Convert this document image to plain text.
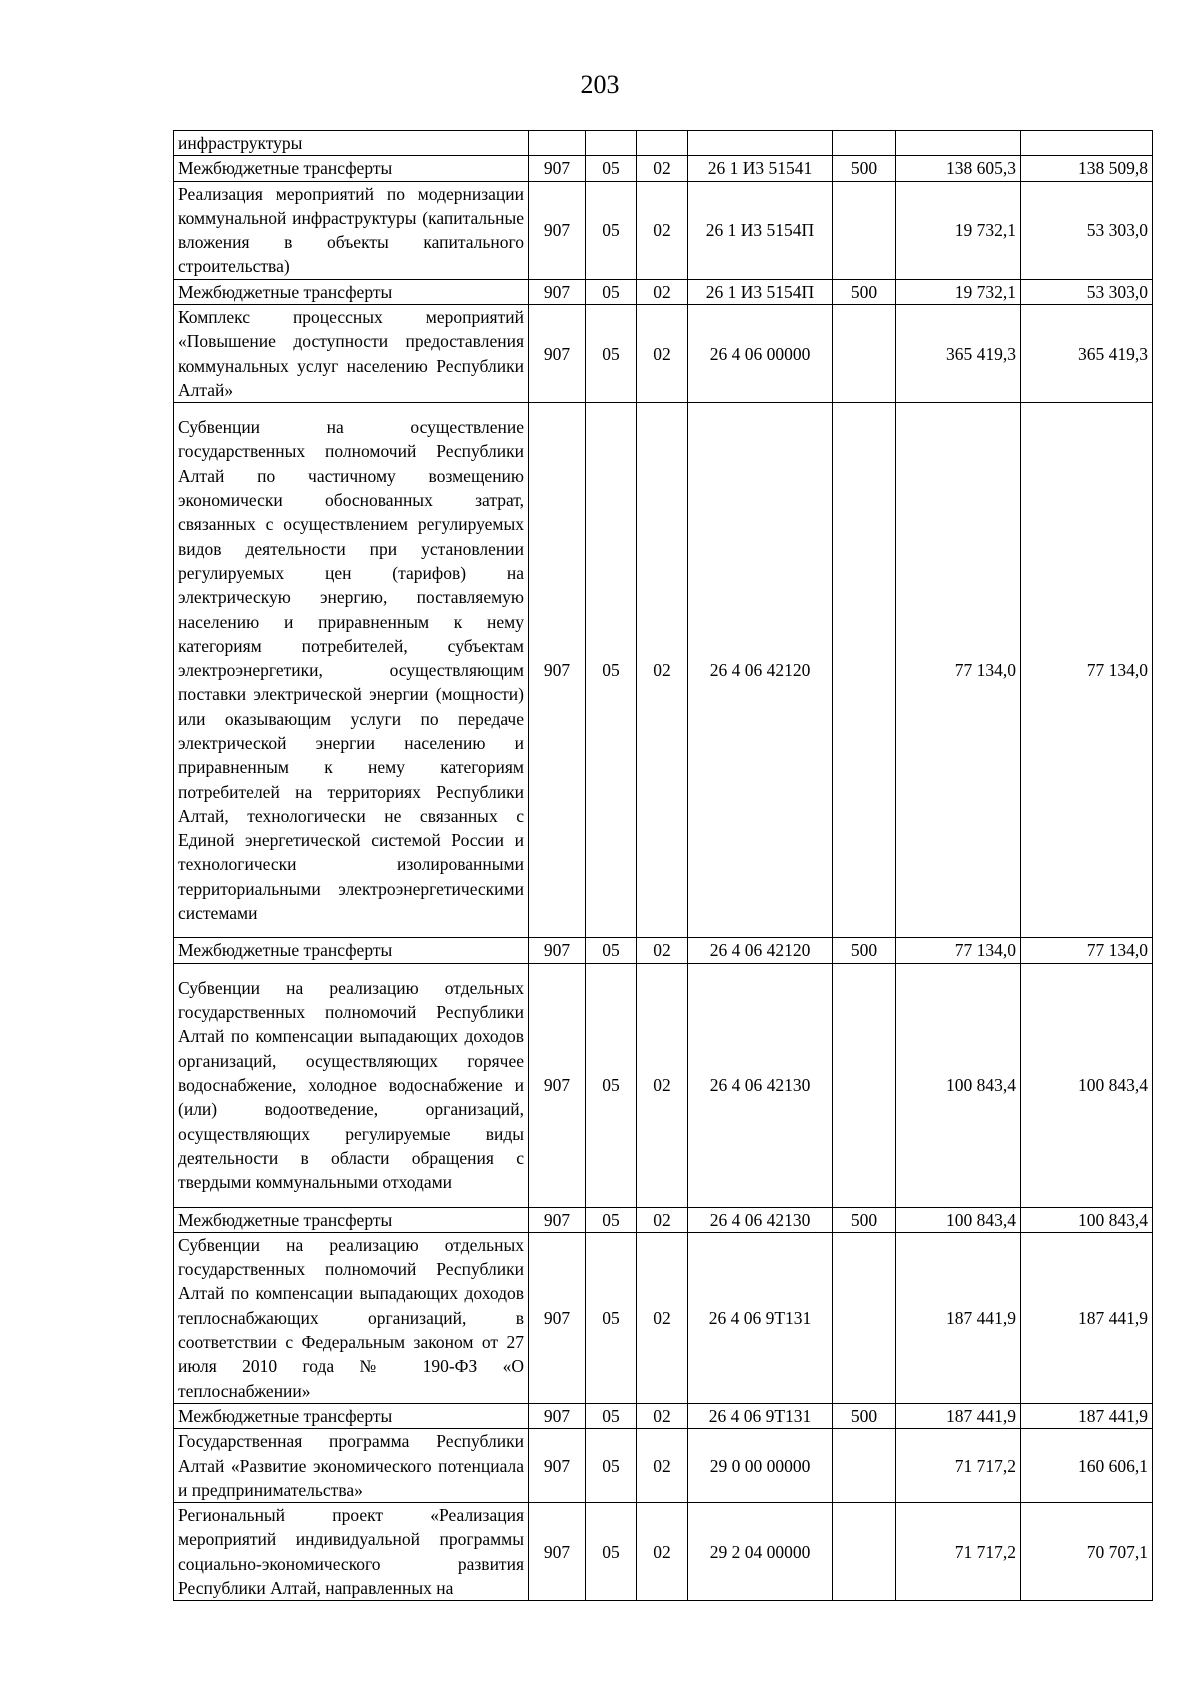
203
инфраструктуры							
Межбюджетные трансферты	907	05	02	26 1 И3 51541	500	138 605,3	138 509,8
Реализация мероприятий по модернизации коммунальной инфраструктуры (капитальные вложения в объекты капитального строительства)	907	05	02	26 1 И3 5154П		19 732,1	53 303,0
Межбюджетные трансферты	907	05	02	26 1 И3 5154П	500	19 732,1	53 303,0
Комплекс процессных мероприятий «Повышение доступности предоставления коммунальных услуг населению Республики Алтай»	907	05	02	26 4 06 00000		365 419,3	365 419,3
Субвенции на осуществление государственных полномочий Республики Алтай по частичному возмещению экономически обоснованных затрат, связанных с осуществлением регулируемых видов деятельности при установлении регулируемых цен (тарифов) на электрическую энергию, поставляемую населению и приравненным к нему категориям потребителей, субъектам электроэнергетики, осуществляющим поставки электрической энергии (мощности) или оказывающим услуги по передаче электрической энергии населению и приравненным к нему категориям потребителей на территориях Республики Алтай, технологически не связанных с Единой энергетической системой России и технологически изолированными территориальными электроэнергетическими системами	907	05	02	26 4 06 42120		77 134,0	77 134,0
Межбюджетные трансферты	907	05	02	26 4 06 42120	500	77 134,0	77 134,0
Субвенции на реализацию отдельных государственных полномочий Республики Алтай по компенсации выпадающих доходов организаций, осуществляющих горячее водоснабжение, холодное водоснабжение и (или) водоотведение, организаций, осуществляющих регулируемые виды деятельности в области обращения с твердыми коммунальными отходами	907	05	02	26 4 06 42130		100 843,4	100 843,4
Межбюджетные трансферты	907	05	02	26 4 06 42130	500	100 843,4	100 843,4
Субвенции на реализацию отдельных государственных полномочий Республики Алтай по компенсации выпадающих доходов теплоснабжающих организаций, в соответствии с Федеральным законом от 27 июля 2010 года № 190-ФЗ «О теплоснабжении»	907	05	02	26 4 06 9Т131		187 441,9	187 441,9
Межбюджетные трансферты	907	05	02	26 4 06 9Т131	500	187 441,9	187 441,9
Государственная программа Республики Алтай «Развитие экономического потенциала и предпринимательства»	907	05	02	29 0 00 00000		71 717,2	160 606,1
Региональный проект «Реализация мероприятий индивидуальной программы социально-экономического развития Республики Алтай, направленных на	907	05	02	29 2 04 00000		71 717,2	70 707,1
